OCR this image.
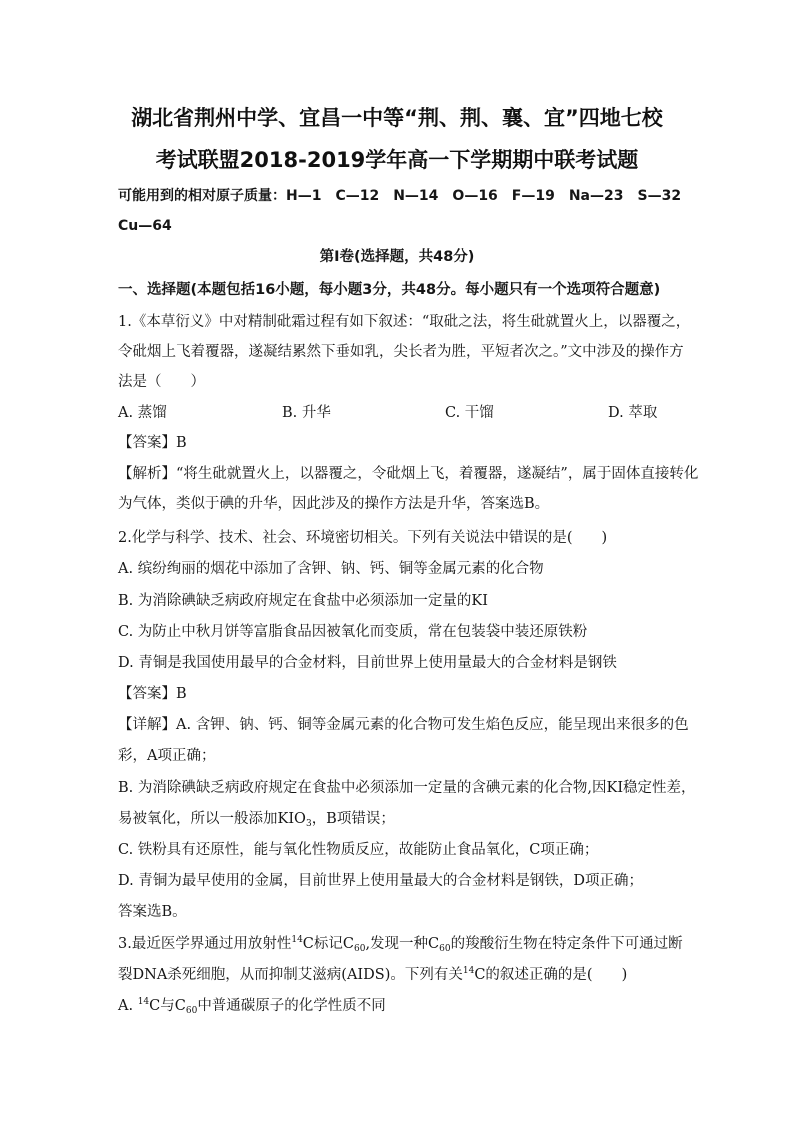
湖北省荆州中学、宜昌一中等“荆、荆、襄、宜”四地七校
考试联盟2018-2019学年高一下学期期中联考试题
可能用到的相对原子质量：H—1　C—12　N—14　O—16　F—19　Na—23　S—32
Cu—64
第Ⅰ卷(选择题，共48分)
一、选择题(本题包括16小题，每小题3分，共48分。每小题只有一个选项符合题意)
1.《本草衍义》中对精制砒霜过程有如下叙述：“取砒之法，将生砒就置火上，以器覆之，
令砒烟上飞着覆器，遂凝结累然下垂如乳，尖长者为胜，平短者次之。”文中涉及的操作方
法是（　　）
A. 蒸馏	B. 升华	C. 干馏	D. 萃取
【答案】B
【解析】“将生砒就置火上，以器覆之，令砒烟上飞，着覆器，遂凝结”，属于固体直接转化
为气体，类似于碘的升华，因此涉及的操作方法是升华，答案选B。
2.化学与科学、技术、社会、环境密切相关。下列有关说法中错误的是(　　)
A. 缤纷绚丽的烟花中添加了含钾、钠、钙、铜等金属元素的化合物
B. 为消除碘缺乏病政府规定在食盐中必须添加一定量的KI
C. 为防止中秋月饼等富脂食品因被氧化而变质，常在包装袋中装还原铁粉
D. 青铜是我国使用最早的合金材料，目前世界上使用量最大的合金材料是钢铁
【答案】B
【详解】A. 含钾、钠、钙、铜等金属元素的化合物可发生焰色反应，能呈现出来很多的色
彩，A项正确；
B. 为消除碘缺乏病政府规定在食盐中必须添加一定量的含碘元素的化合物,因KI稳定性差，
易被氧化，所以一般添加$KIO_3$，B项错误；
C. 铁粉具有还原性，能与氧化性物质反应，故能防止食品氧化，C项正确；
D. 青铜为最早使用的金属，目前世界上使用量最大的合金材料是钢铁，D项正确；
答案选B。
3.最近医学界通过用放射性$^{14}$C标记$C_{60}$,发现一种$C_{60}$的羧酸衍生物在特定条件下可通过断
裂DNA杀死细胞，从而抑制艾滋病(AIDS)。下列有关$^{14}$C的叙述正确的是(　　)
A. $^{14}$C与$C_{60}$中普通碳原子的化学性质不同
